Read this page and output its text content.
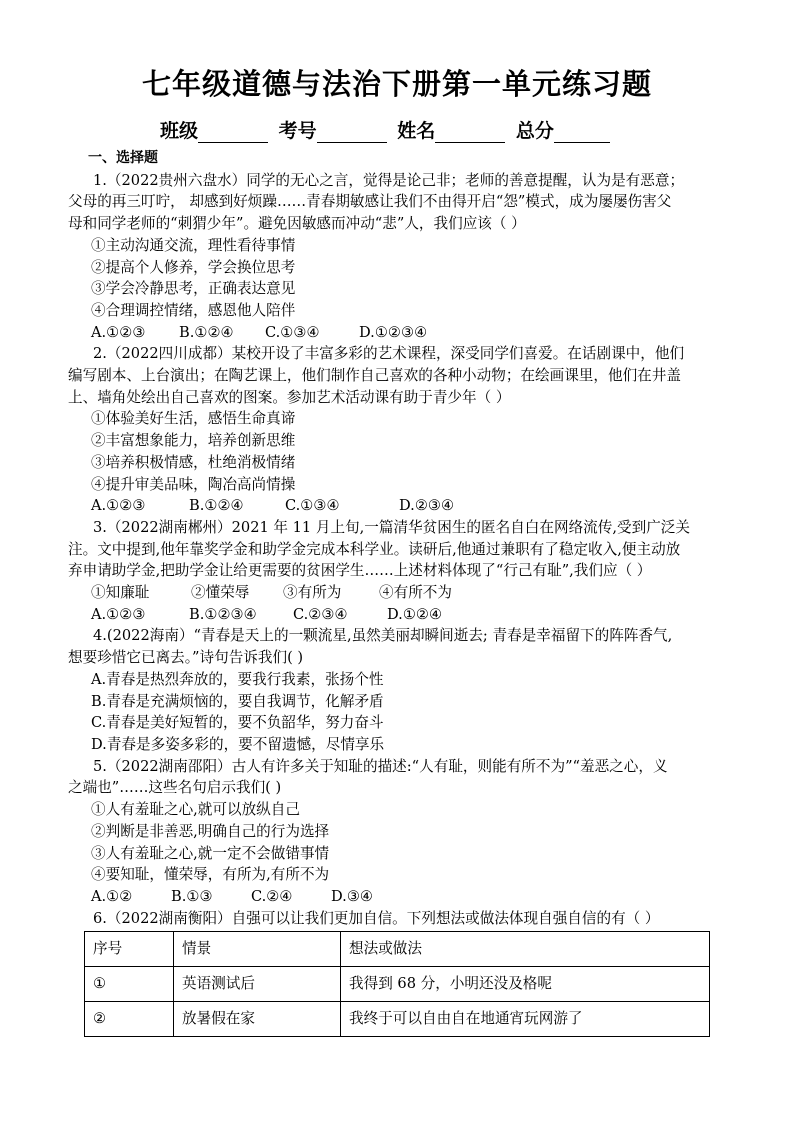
七年级道德与法治下册第一单元练习题
班级	考号	姓名	总分

一、选择题

1.（2022贵州六盘水）同学的无心之言，觉得是论己非；老师的善意提醒，认为是有恶意；

父母的再三叮咛， 却感到好烦躁……青春期敏感让我们不由得开启“怨”模式，成为屡屡伤害父

母和同学老师的“刺猬少年”。避免因敏感而冲动“悲”人，我们应该（ ）

①主动沟通交流，理性看待事情

②提高个人修养，学会换位思考

③学会冷静思考，正确表达意见

④合理调控情绪，感恩他人陪伴

A.①②③ B.①②④ C.①③④	D.①②③④

2.（2022四川成都）某校开设了丰富多彩的艺术课程，深受同学们喜爱。在话剧课中，他们

编写剧本、上台演出；在陶艺课上，他们制作自己喜欢的各种小动物；在绘画课里，他们在井盖

上、墙角处绘出自己喜欢的图案。参加艺术活动课有助于青少年（ ）

①体验美好生活，感悟生命真谛

②丰富想象能力，培养创新思维

③培养积极情感，杜绝消极情绪

④提升审美品味，陶冶高尚情操

A.①②③	B.①②④	C.①③④	D.②③④

3.（2022湖南郴州）2021 年 11 月上旬,一篇清华贫困生的匿名自白在网络流传,受到广泛关

注。文中提到,他年靠奖学金和助学金完成本科学业。读研后,他通过兼职有了稳定收入,便主动放

弃申请助学金,把助学金让给更需要的贫困学生……上述材料体现了“行己有耻”,我们应（ ）

①知廉耻	②懂荣辱 ③有所为	④有所不为

A.①②③	B.①②③④ C.②③④	D.①②④

4.(2022海南）“青春是天上的一颗流星,虽然美丽却瞬间逝去; 青春是幸福留下的阵阵香气,

想要珍惜它已离去。”诗句告诉我们( )

A.青春是热烈奔放的，要我行我素，张扬个性

B.青春是充满烦恼的，要自我调节，化解矛盾

C.青春是美好短暂的，要不负韶华，努力奋斗

D.青春是多姿多彩的，要不留遗憾，尽情享乐

5.（2022湖南邵阳）古人有许多关于知耻的描述:“人有耻，则能有所不为”“羞恶之心，义

之端也”……这些名句启示我们( )

①人有羞耻之心,就可以放纵自己

②判断是非善恶,明确自己的行为选择

③人有羞耻之心,就一定不会做错事情

④要知耻，懂荣辱，有所为,有所不为

A.①②	B.①③	C.②④	D.③④

6.（2022湖南衡阳）自强可以让我们更加自信。下列想法或做法体现自强自信的有（ ）

序号	情景	想法或做法
①	英语测试后	我得到 68 分，小明还没及格呢
②	放暑假在家	我终于可以自由自在地通宵玩网游了
